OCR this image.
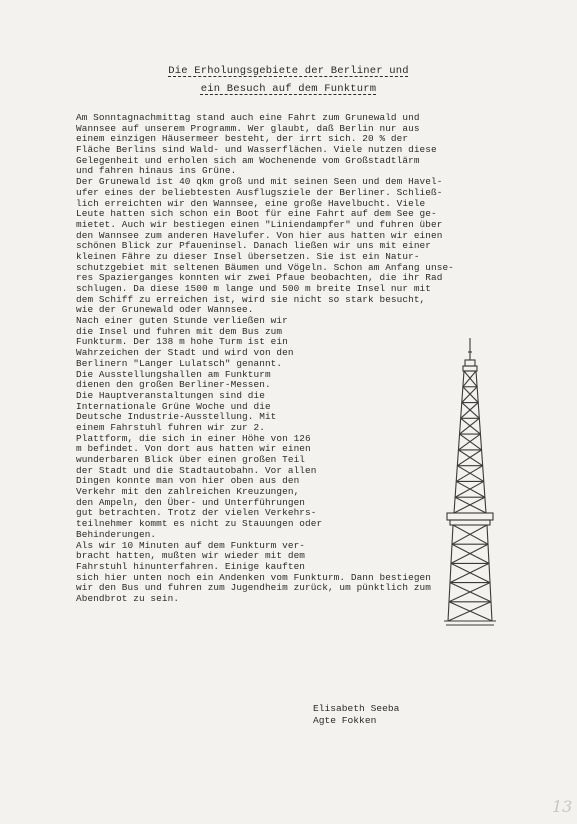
Die Erholungsgebiete der Berliner und
ein Besuch auf dem Funkturm
Am Sonntagnachmittag stand auch eine Fahrt zum Grunewald und
Wannsee auf unserem Programm. Wer glaubt, daß Berlin nur aus
einem einzigen Häusermeer besteht, der irrt sich. 20 % der
Fläche Berlins sind Wald- und Wasserflächen. Viele nutzen diese
Gelegenheit und erholen sich am Wochenende vom Großstadtlärm
und fahren hinaus ins Grüne.
Der Grunewald ist 40 qkm groß und mit seinen Seen und dem Havel-
ufer eines der beliebtesten Ausflugsziele der Berliner. Schließ-
lich erreichten wir den Wannsee, eine große Havelbucht. Viele
Leute hatten sich schon ein Boot für eine Fahrt auf dem See ge-
mietet. Auch wir bestiegen einen "Liniendampfer" und fuhren über
den Wannsee zum anderen Havelufer. Von hier aus hatten wir einen
schönen Blick zur Pfaueninsel. Danach ließen wir uns mit einer
kleinen Fähre zu dieser Insel übersetzen. Sie ist ein Natur-
schutzgebiet mit seltenen Bäumen und Vögeln. Schon am Anfang unse-
res Spazierganges konnten wir zwei Pfaue beobachten, die ihr Rad
schlugen. Da diese 1500 m lange und 500 m breite Insel nur mit
dem Schiff zu erreichen ist, wird sie nicht so stark besucht,
wie der Grunewald oder Wannsee.
Nach einer guten Stunde verließen wir
die Insel und fuhren mit dem Bus zum
Funkturm. Der 138 m hohe Turm ist ein
Wahrzeichen der Stadt und wird von den
Berlinern "Langer Lulatsch" genannt.
Die Ausstellungshallen am Funkturm
dienen den großen Berliner-Messen.
Die Hauptveranstaltungen sind die
Internationale Grüne Woche und die
Deutsche Industrie-Ausstellung. Mit
einem Fahrstuhl fuhren wir zur 2.
Plattform, die sich in einer Höhe von 126
m befindet. Von dort aus hatten wir einen
wunderbaren Blick über einen großen Teil
der Stadt und die Stadtautobahn. Vor allen
Dingen konnte man von hier oben aus den
Verkehr mit den zahlreichen Kreuzungen,
den Ampeln, den Über- und Unterführungen
gut betrachten. Trotz der vielen Verkehrs-
teilnehmer kommt es nicht zu Stauungen oder
Behinderungen.
Als wir 10 Minuten auf dem Funkturm ver-
bracht hatten, mußten wir wieder mit dem
Fahrstuhl hinunterfahren. Einige kauften
sich hier unten noch ein Andenken vom Funkturm. Dann bestiegen
wir den Bus und fuhren zum Jugendheim zurück, um pünktlich zum
Abendbrot zu sein.
Elisabeth Seeba
Agte Fokken
13
